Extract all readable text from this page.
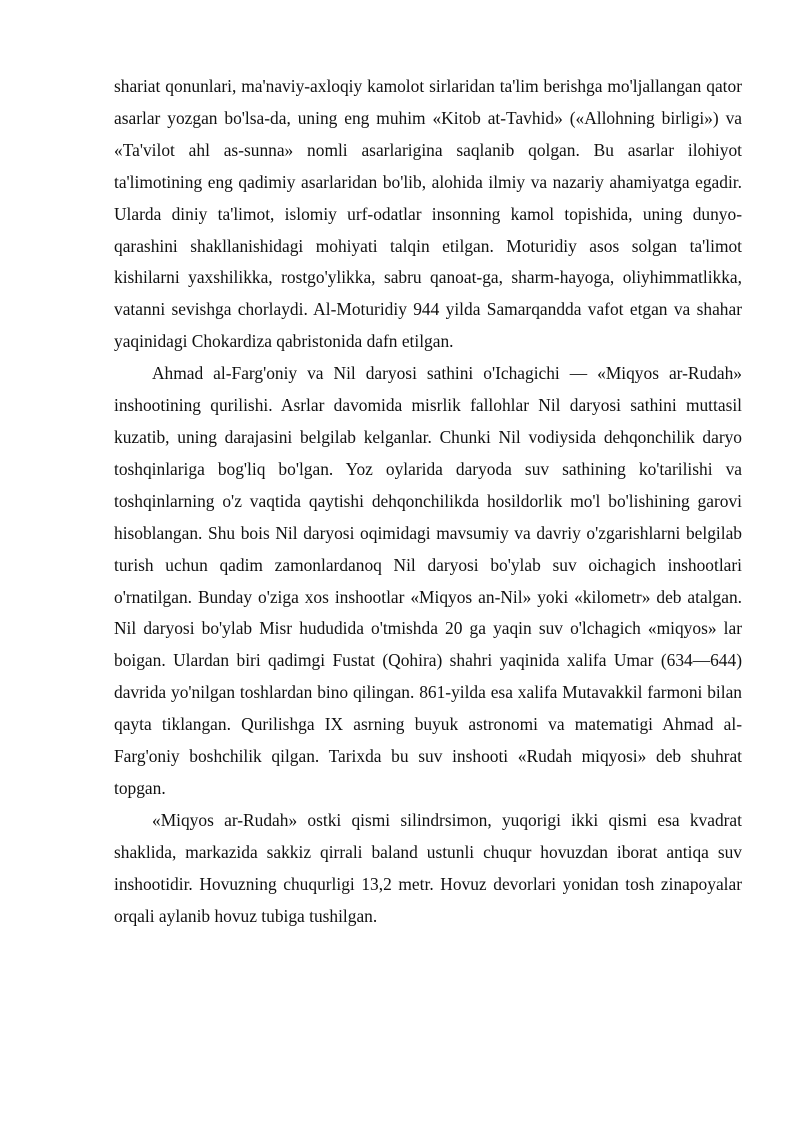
shariat qonunlari, ma'naviy-axloqiy kamolot sirlaridan ta'lim berishga mo'ljallangan qator asarlar yozgan bo'lsa-da, uning eng muhim «Kitob at-Tavhid» («Allohning birligi») va «Ta'vilot ahl as-sunna» nomli asarlarigina saqlanib qolgan. Bu asarlar ilohiyot ta'limotining eng qadimiy asarlaridan bo'lib, alohida ilmiy va nazariy ahamiyatga egadir. Ularda diniy ta'limot, islomiy urf-odatlar insonning kamol topishida, uning dunyo-qarashini shakllanishidagi mohiyati talqin etilgan. Moturidiy asos solgan ta'limot kishilarni yaxshilikka, rostgo'ylikka, sabru qanoat-ga, sharm-hayoga, oliyhimmatlikka, vatanni sevishga chorlaydi. Al-Moturidiy 944 yilda Samarqandda vafot etgan va shahar yaqinidagi Chokardiza qabristonida dafn etilgan.

Ahmad al-Farg'oniy va Nil daryosi sathini o'Ichagichi — «Miqyos ar-Rudah» inshootining qurilishi. Asrlar davomida misrlik fallohlar Nil daryosi sathini muttasil kuzatib, uning darajasini belgilab kelganlar. Chunki Nil vodiysida dehqonchilik daryo toshqinlariga bog'liq bo'lgan. Yoz oylarida daryoda suv sathining ko'tarilishi va toshqinlarning o'z vaqtida qaytishi dehqonchilikda hosildorlik mo'l bo'lishining garovi hisoblangan. Shu bois Nil daryosi oqimidagi mavsumiy va davriy o'zgarishlarni belgilab turish uchun qadim zamonlardanoq Nil daryosi bo'ylab suv oichagich inshootlari o'rnatilgan. Bunday o'ziga xos inshootlar «Miqyos an-Nil» yoki «kilometr» deb atalgan. Nil daryosi bo'ylab Misr hududida o'tmishda 20 ga yaqin suv o'lchagich «miqyos» lar boigan. Ulardan biri qadimgi Fustat (Qohira) shahri yaqinida xalifa Umar (634—644) davrida yo'nilgan toshlardan bino qilingan. 861-yilda esa xalifa Mutavakkil farmoni bilan qayta tiklangan. Qurilishga IX asrning buyuk astronomi va matematigi Ahmad al-Farg'oniy boshchilik qilgan. Tarixda bu suv inshooti «Rudah miqyosi» deb shuhrat topgan.

«Miqyos ar-Rudah» ostki qismi silindrsimon, yuqorigi ikki qismi esa kvadrat shaklida, markazida sakkiz qirrali baland ustunli chuqur hovuzdan iborat antiqa suv inshootidir. Hovuzning chuqurligi 13,2 metr. Hovuz devorlari yonidan tosh zinapoyalar orqali aylanib hovuz tubiga tushilgan.
